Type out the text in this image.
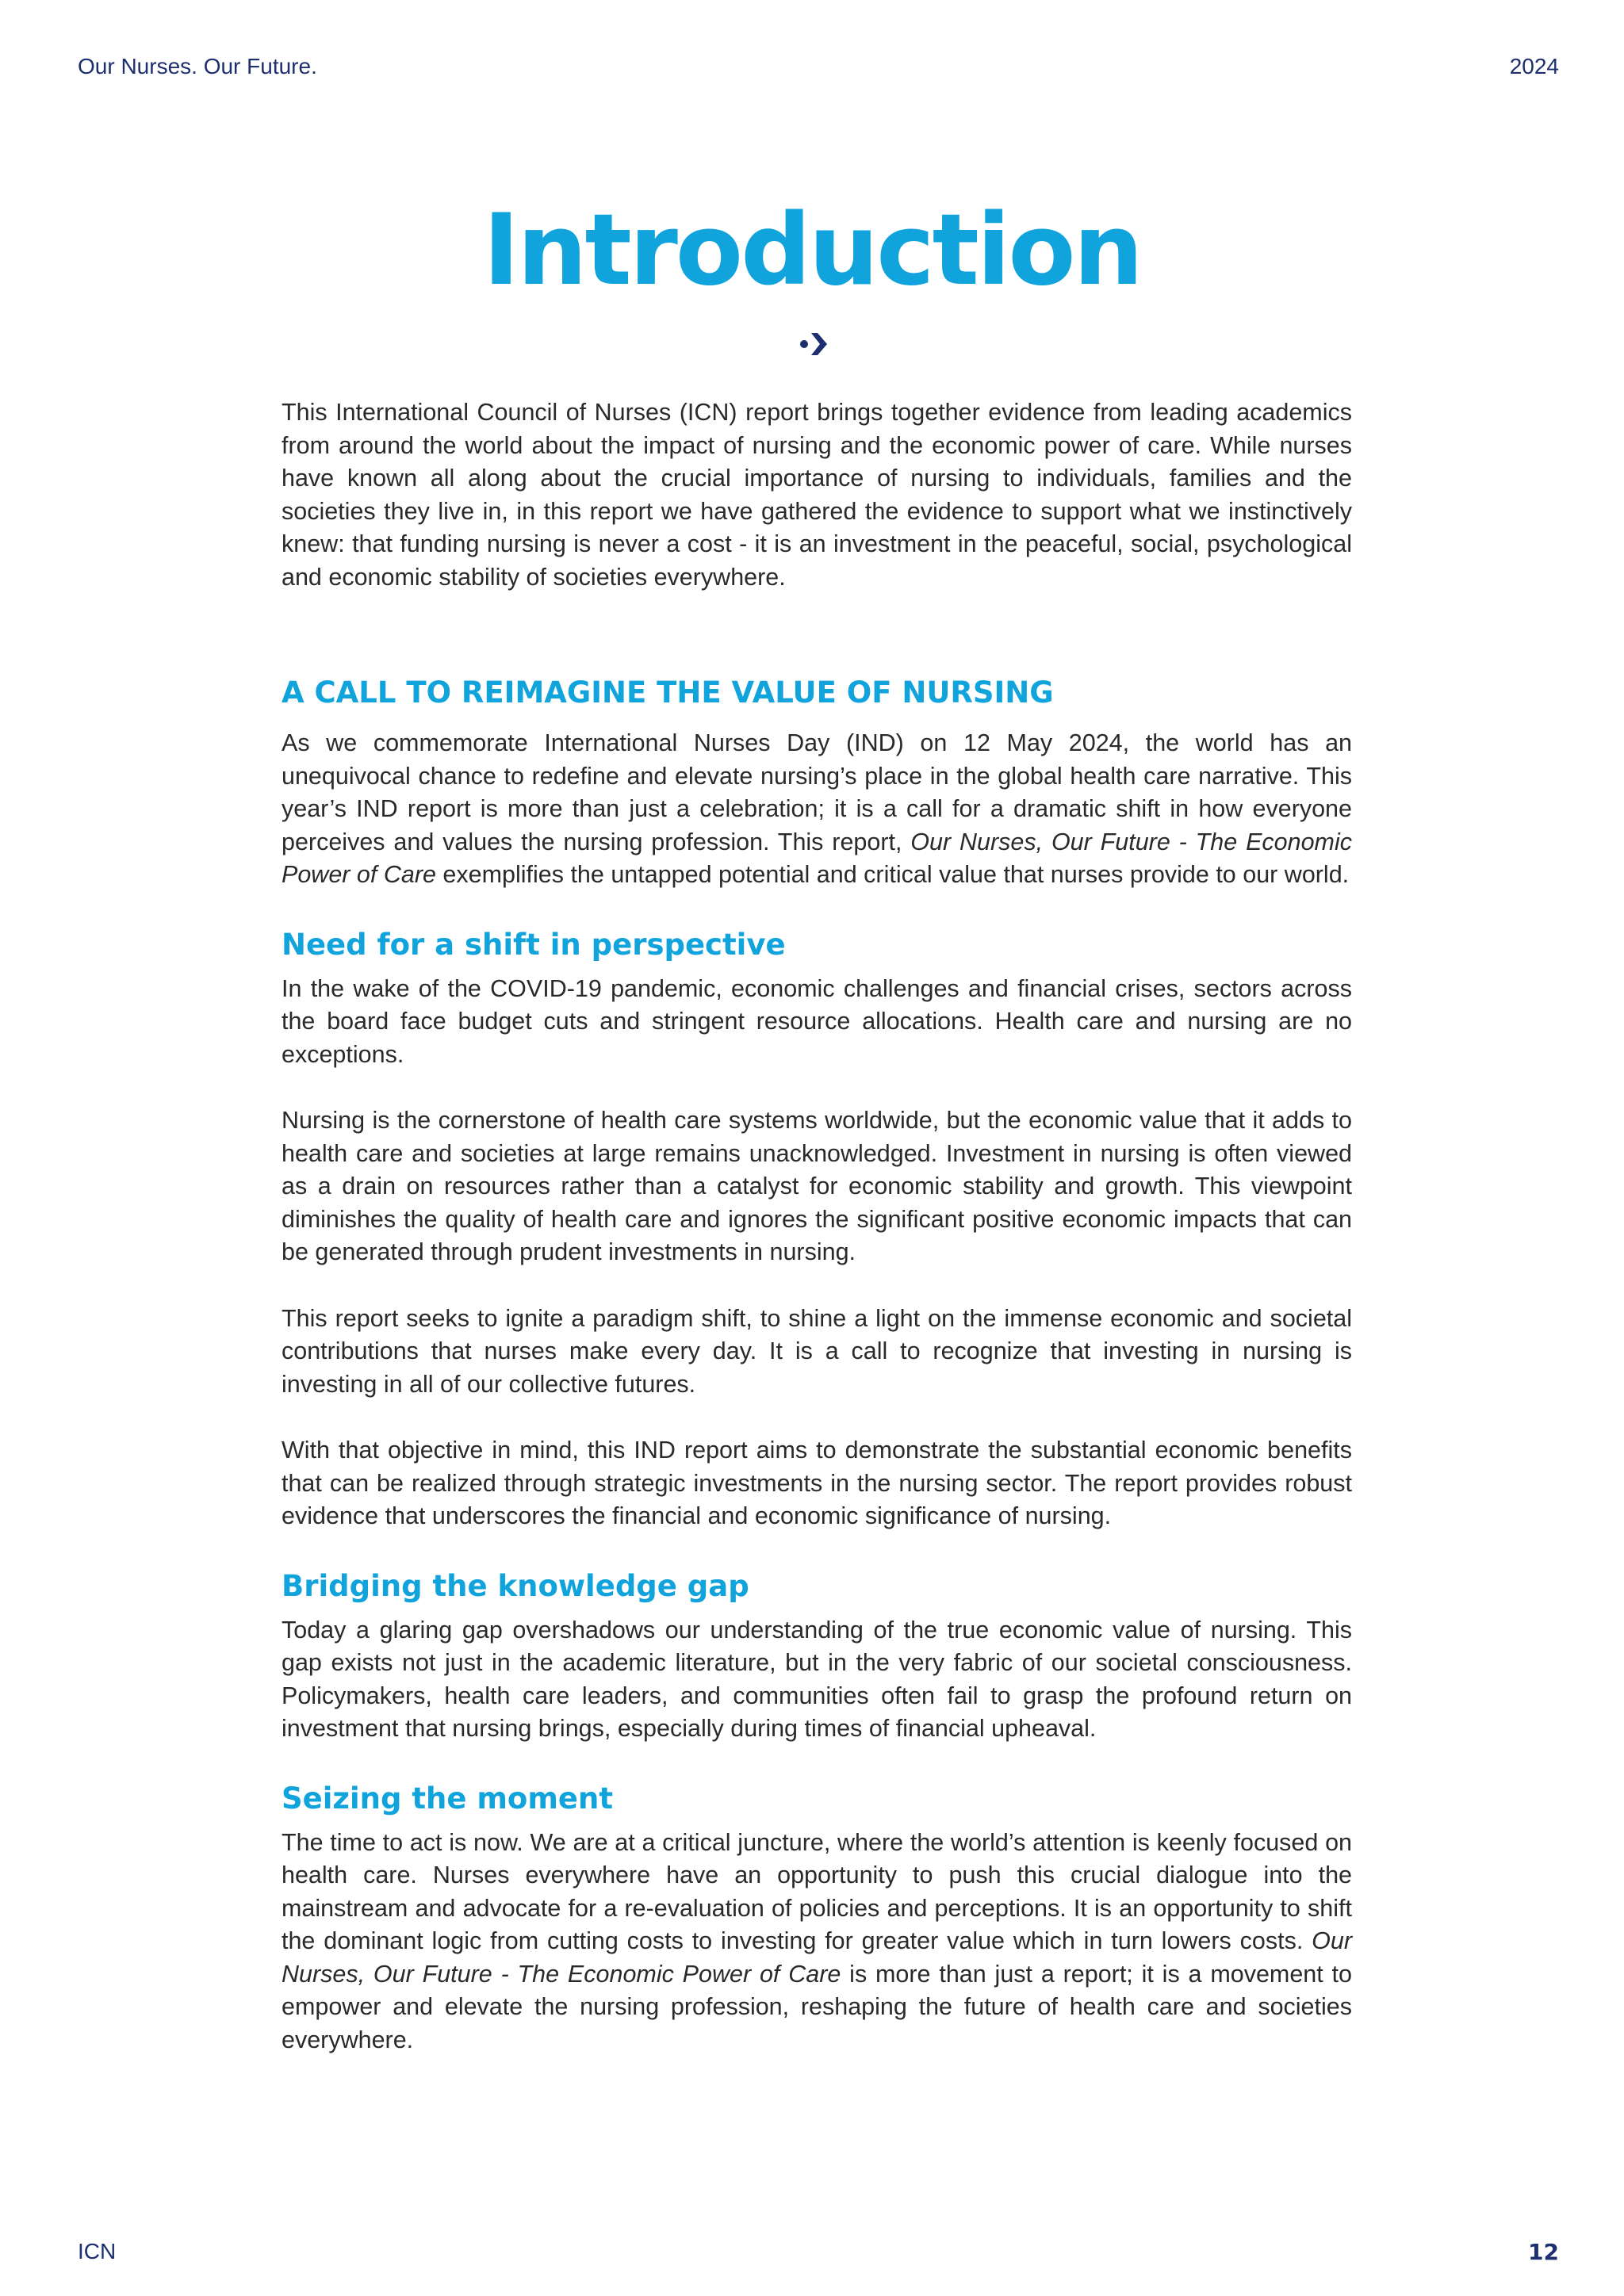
Our Nurses. Our Future.	2024
Introduction

This International Council of Nurses (ICN) report brings together evidence from leading academics from around the world about the impact of nursing and the economic power of care. While nurses have known all along about the crucial importance of nursing to individuals, families and the societies they live in, in this report we have gathered the evidence to support what we instinctively knew: that funding nursing is never a cost - it is an investment in the peaceful, social, psychological and economic stability of societies everywhere.

A CALL TO REIMAGINE THE VALUE OF NURSING

As we commemorate International Nurses Day (IND) on 12 May 2024, the world has an unequivocal chance to redefine and elevate nursing’s place in the global health care narrative. This year’s IND report is more than just a celebration; it is a call for a dramatic shift in how everyone perceives and values the nursing profession. This report, Our Nurses, Our Future - The Economic Power of Care exemplifies the untapped potential and critical value that nurses provide to our world.

Need for a shift in perspective

In the wake of the COVID-19 pandemic, economic challenges and financial crises, sectors across the board face budget cuts and stringent resource allocations. Health care and nursing are no exceptions.

Nursing is the cornerstone of health care systems worldwide, but the economic value that it adds to health care and societies at large remains unacknowledged. Investment in nursing is often viewed as a drain on resources rather than a catalyst for economic stability and growth. This viewpoint diminishes the quality of health care and ignores the significant positive economic impacts that can be generated through prudent investments in nursing.

This report seeks to ignite a paradigm shift, to shine a light on the immense economic and societal contributions that nurses make every day. It is a call to recognize that investing in nursing is investing in all of our collective futures.

With that objective in mind, this IND report aims to demonstrate the substantial economic benefits that can be realized through strategic investments in the nursing sector. The report provides robust evidence that underscores the financial and economic significance of nursing.

Bridging the knowledge gap

Today a glaring gap overshadows our understanding of the true economic value of nursing. This gap exists not just in the academic literature, but in the very fabric of our societal consciousness. Policymakers, health care leaders, and communities often fail to grasp the profound return on investment that nursing brings, especially during times of financial upheaval.

Seizing the moment

The time to act is now. We are at a critical juncture, where the world’s attention is keenly focused on health care. Nurses everywhere have an opportunity to push this crucial dialogue into the mainstream and advocate for a re-evaluation of policies and perceptions. It is an opportunity to shift the dominant logic from cutting costs to investing for greater value which in turn lowers costs. Our Nurses, Our Future - The Economic Power of Care is more than just a report; it is a movement to empower and elevate the nursing profession, reshaping the future of health care and societies everywhere.

ICN	12
